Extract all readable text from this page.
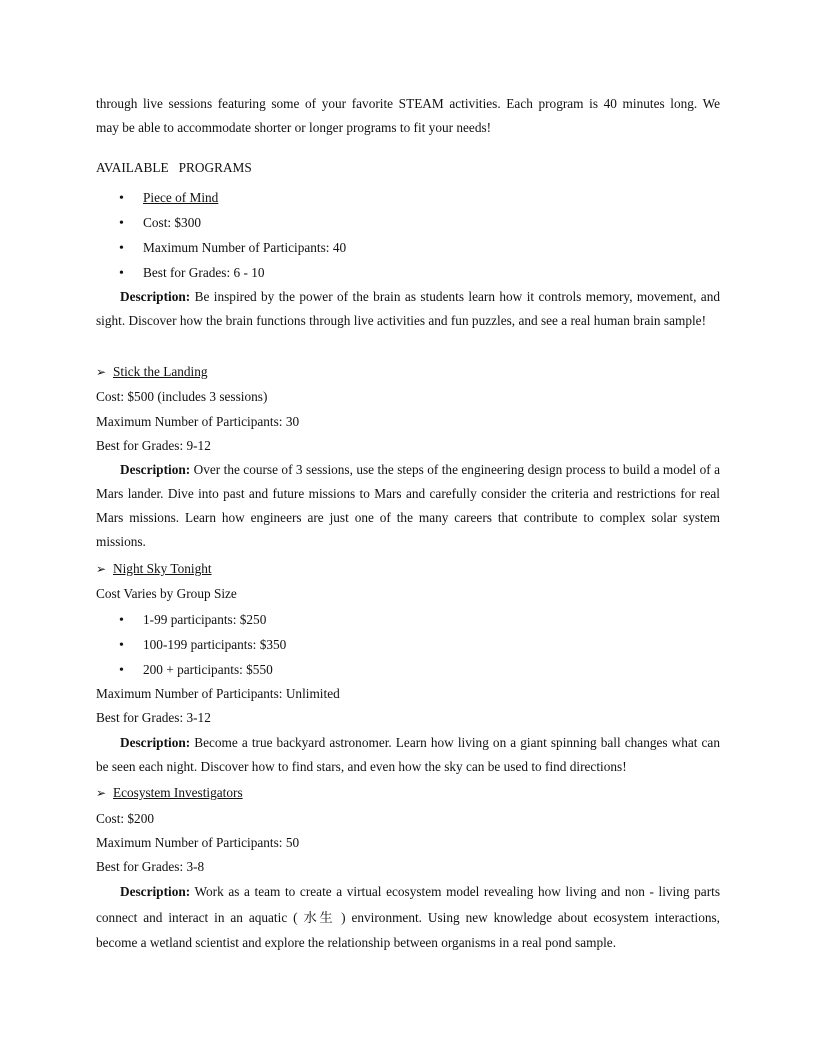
through live sessions featuring some of your favorite STEAM activities. Each program is 40 minutes long. We
may be able to accommodate shorter or longer programs to fit your needs!
AVAILABLE   PROGRAMS
• Piece of Mind
• Cost: $300
• Maximum Number of Participants: 40
• Best for Grades: 6 - 10
Description: Be inspired by the power of the brain as students learn how it controls memory, movement, and sight. Discover how the brain functions through live activities and fun puzzles, and see a real human brain sample!
➢ Stick the Landing
Cost: $500 (includes 3 sessions)
Maximum Number of Participants: 30
Best for Grades: 9-12
Description: Over the course of 3 sessions, use the steps of the engineering design process to build a model of a Mars lander. Dive into past and future missions to Mars and carefully consider the criteria and restrictions for real Mars missions. Learn how engineers are just one of the many careers that contribute to complex solar system missions.
➢ Night Sky Tonight
Cost Varies by Group Size
• 1-99 participants: $250
• 100-199 participants: $350
• 200 + participants: $550
Maximum Number of Participants: Unlimited
Best for Grades: 3-12
Description: Become a true backyard astronomer. Learn how living on a giant spinning ball changes what can be seen each night. Discover how to find stars, and even how the sky can be used to find directions!
➢ Ecosystem Investigators
Cost: $200
Maximum Number of Participants: 50
Best for Grades: 3-8
Description: Work as a team to create a virtual ecosystem model revealing how living and non - living parts connect and interact in an aquatic ( 水生 ) environment. Using new knowledge about ecosystem interactions, become a wetland scientist and explore the relationship between organisms in a real pond sample.
